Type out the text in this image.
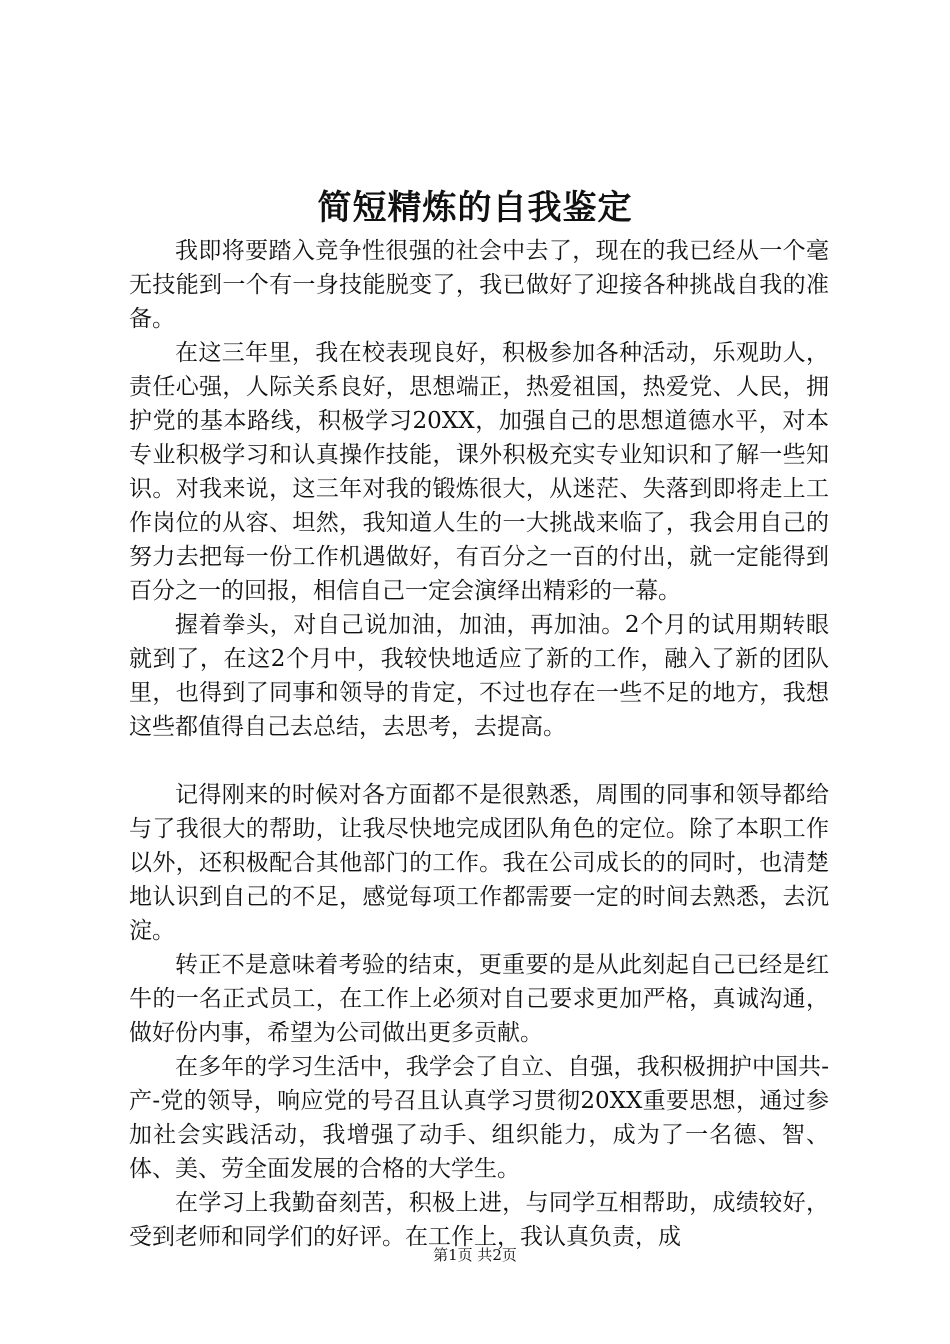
简短精炼的自我鉴定

我即将要踏入竞争性很强的社会中去了，现在的我已经从一个毫无技能到一个有一身技能脱变了，我已做好了迎接各种挑战自我的准备。

在这三年里，我在校表现良好，积极参加各种活动，乐观助人，责任心强，人际关系良好，思想端正，热爱祖国，热爱党、人民，拥护党的基本路线，积极学习20XX，加强自己的思想道德水平，对本专业积极学习和认真操作技能，课外积极充实专业知识和了解一些知识。对我来说，这三年对我的锻炼很大，从迷茫、失落到即将走上工作岗位的从容、坦然，我知道人生的一大挑战来临了，我会用自己的努力去把每一份工作机遇做好，有百分之一百的付出，就一定能得到百分之一的回报，相信自己一定会演绎出精彩的一幕。

握着拳头，对自己说加油，加油，再加油。2个月的试用期转眼就到了，在这2个月中，我较快地适应了新的工作，融入了新的团队里，也得到了同事和领导的肯定，不过也存在一些不足的地方，我想这些都值得自己去总结，去思考，去提高。

记得刚来的时候对各方面都不是很熟悉，周围的同事和领导都给与了我很大的帮助，让我尽快地完成团队角色的定位。除了本职工作以外，还积极配合其他部门的工作。我在公司成长的的同时，也清楚地认识到自己的不足，感觉每项工作都需要一定的时间去熟悉，去沉淀。

转正不是意味着考验的结束，更重要的是从此刻起自己已经是红牛的一名正式员工，在工作上必须对自己要求更加严格，真诚沟通，做好份内事，希望为公司做出更多贡献。

在多年的学习生活中，我学会了自立、自强，我积极拥护中国共-产-党的领导，响应党的号召且认真学习贯彻20XX重要思想，通过参加社会实践活动，我增强了动手、组织能力，成为了一名德、智、体、美、劳全面发展的合格的大学生。

在学习上我勤奋刻苦，积极上进，与同学互相帮助，成绩较好，受到老师和同学们的好评。在工作上，我认真负责，成

第1页 共2页
